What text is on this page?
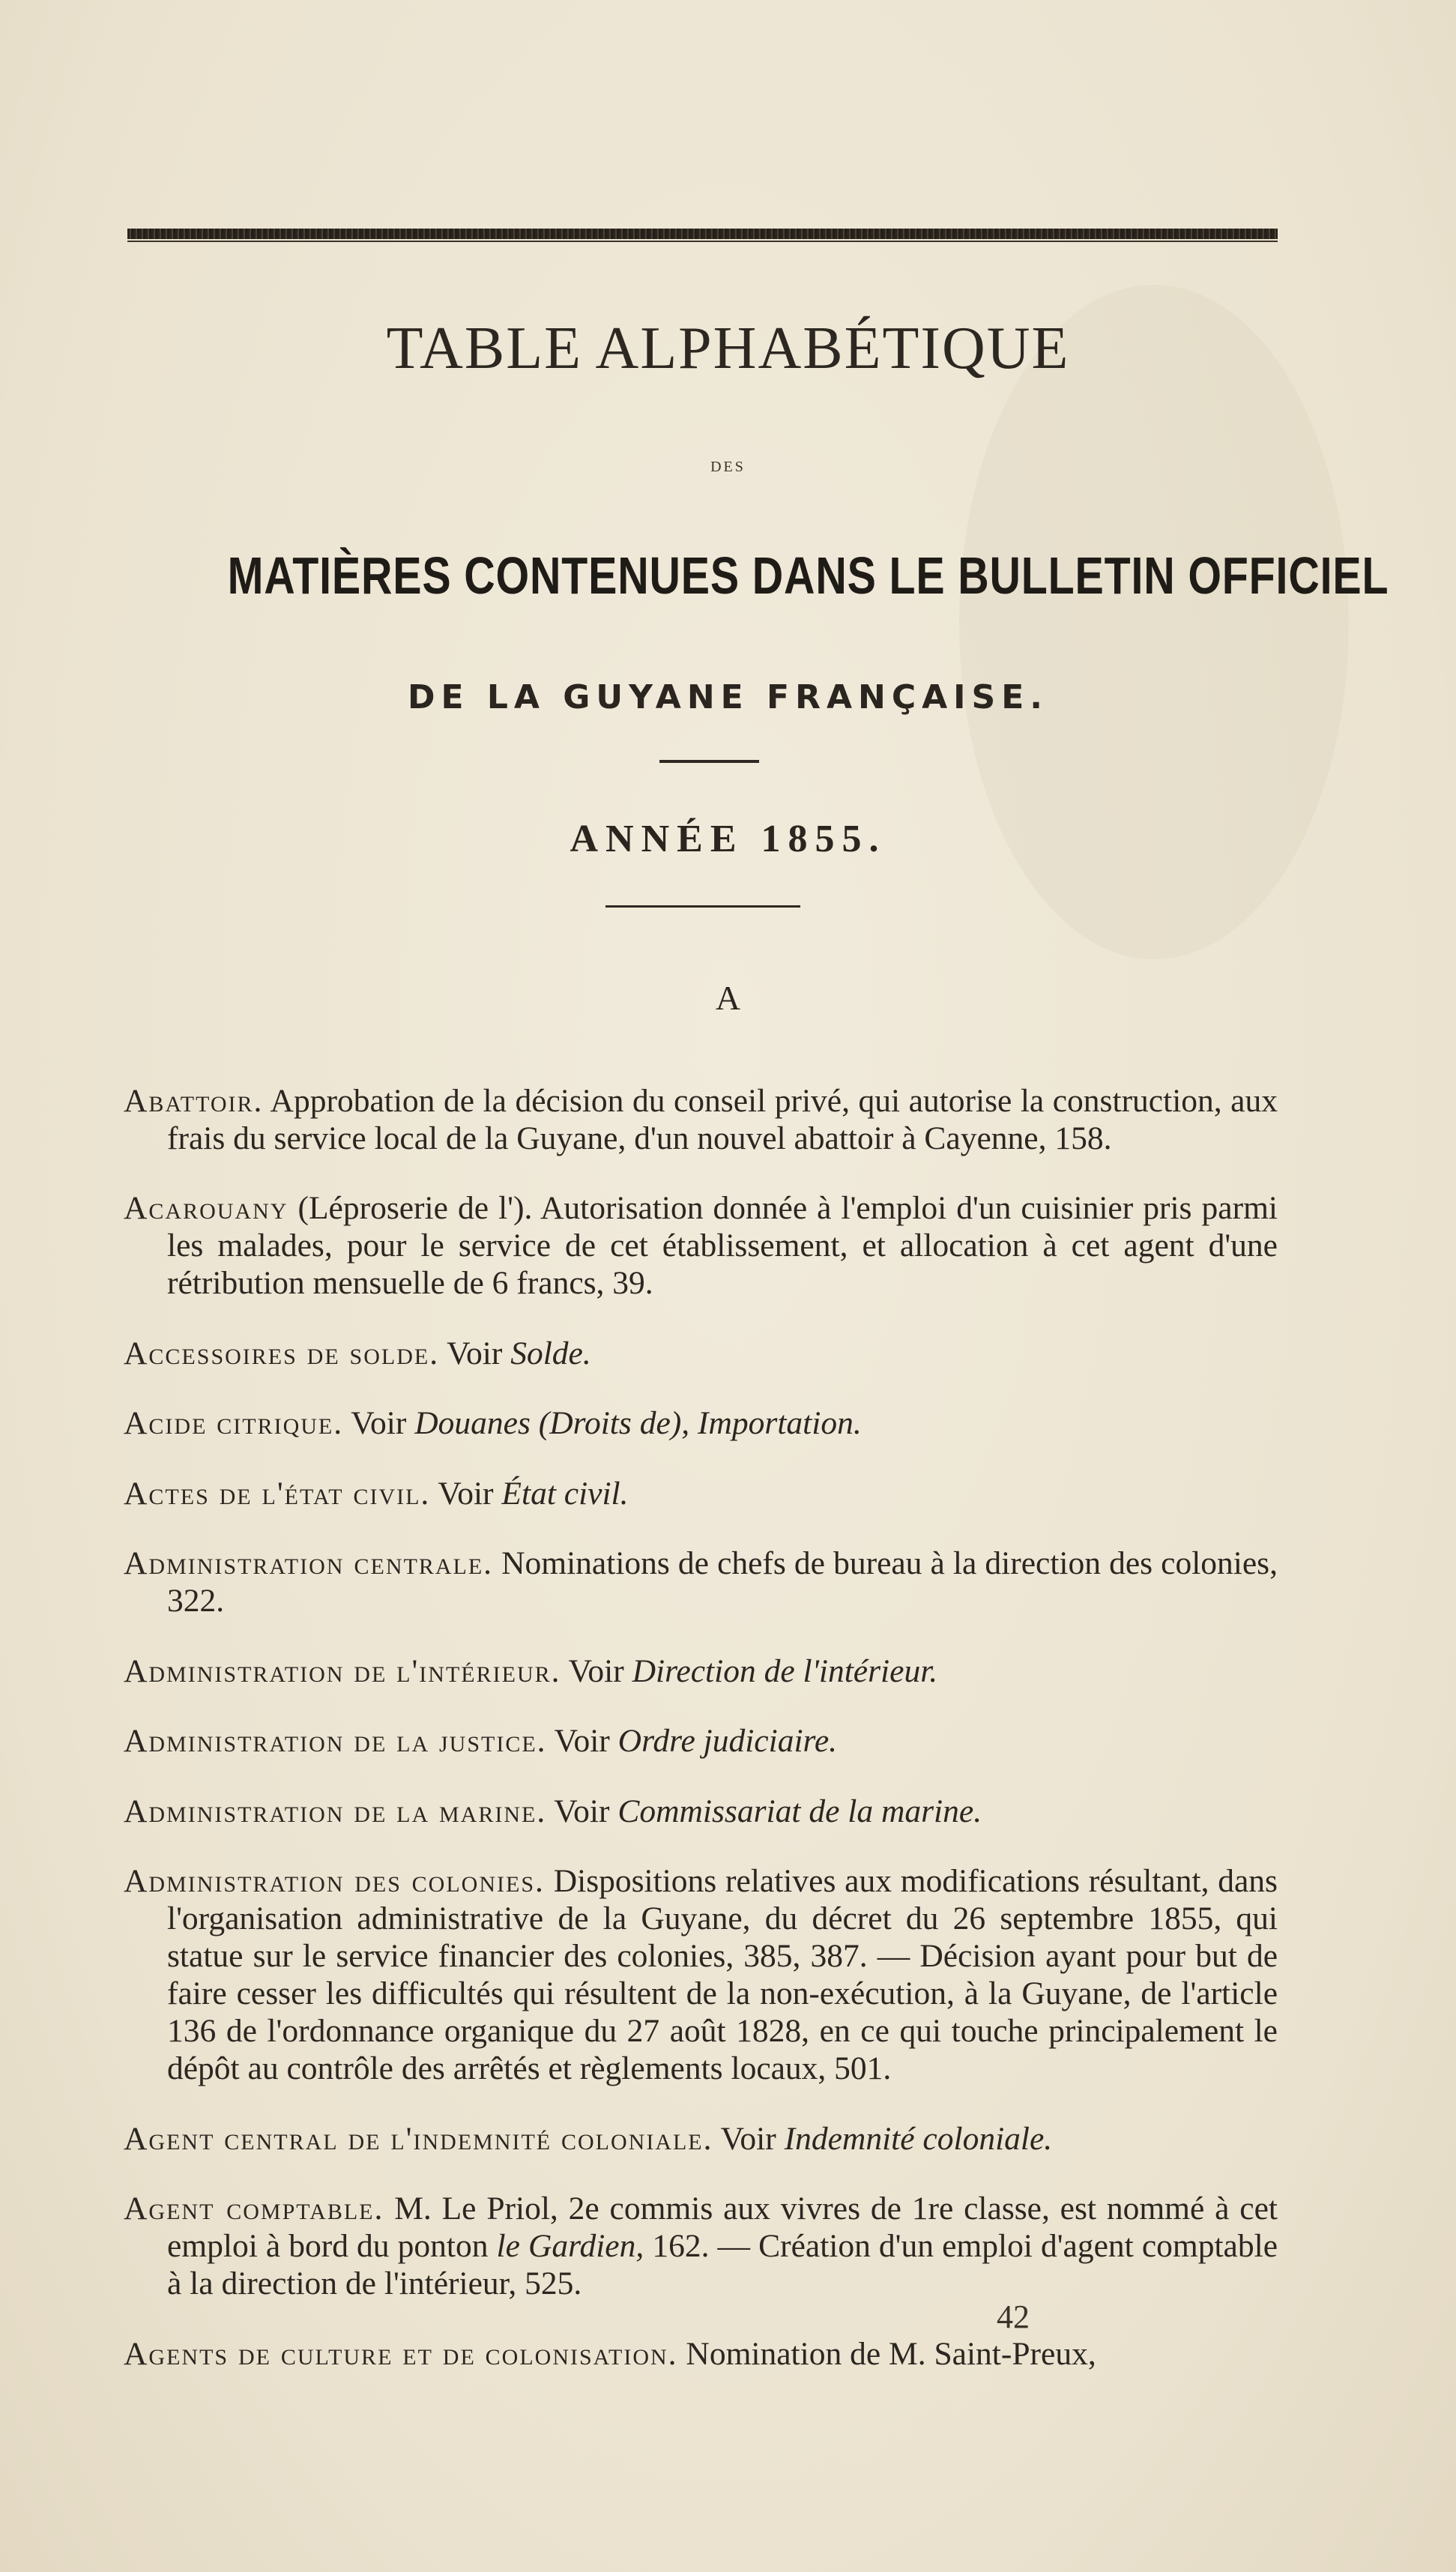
TABLE ALPHABÉTIQUE
DES
MATIÈRES CONTENUES DANS LE BULLETIN OFFICIEL
DE LA GUYANE FRANÇAISE.
ANNÉE 1855.
A

Abattoir. Approbation de la décision du conseil privé, qui autorise la construction, aux frais du service local de la Guyane, d'un nouvel abattoir à Cayenne, 158.

Acarouany (Léproserie de l'). Autorisation donnée à l'emploi d'un cuisinier pris parmi les malades, pour le service de cet établissement, et allocation à cet agent d'une rétribution mensuelle de 6 francs, 39.

Accessoires de solde. Voir Solde.

Acide citrique. Voir Douanes (Droits de), Importation.

Actes de l'état civil. Voir État civil.

Administration centrale. Nominations de chefs de bureau à la direction des colonies, 322.

Administration de l'intérieur. Voir Direction de l'intérieur.

Administration de la justice. Voir Ordre judiciaire.

Administration de la marine. Voir Commissariat de la marine.

Administration des colonies. Dispositions relatives aux modifications résultant, dans l'organisation administrative de la Guyane, du décret du 26 septembre 1855, qui statue sur le service financier des colonies, 385, 387. — Décision ayant pour but de faire cesser les difficultés qui résultent de la non-exécution, à la Guyane, de l'article 136 de l'ordonnance organique du 27 août 1828, en ce qui touche principalement le dépôt au contrôle des arrêtés et règlements locaux, 501.

Agent central de l'indemnité coloniale. Voir Indemnité coloniale.

Agent comptable. M. Le Priol, 2e commis aux vivres de 1re classe, est nommé à cet emploi à bord du ponton le Gardien, 162. — Création d'un emploi d'agent comptable à la direction de l'intérieur, 525.

Agents de culture et de colonisation. Nomination de M. Saint-Preux,

42
